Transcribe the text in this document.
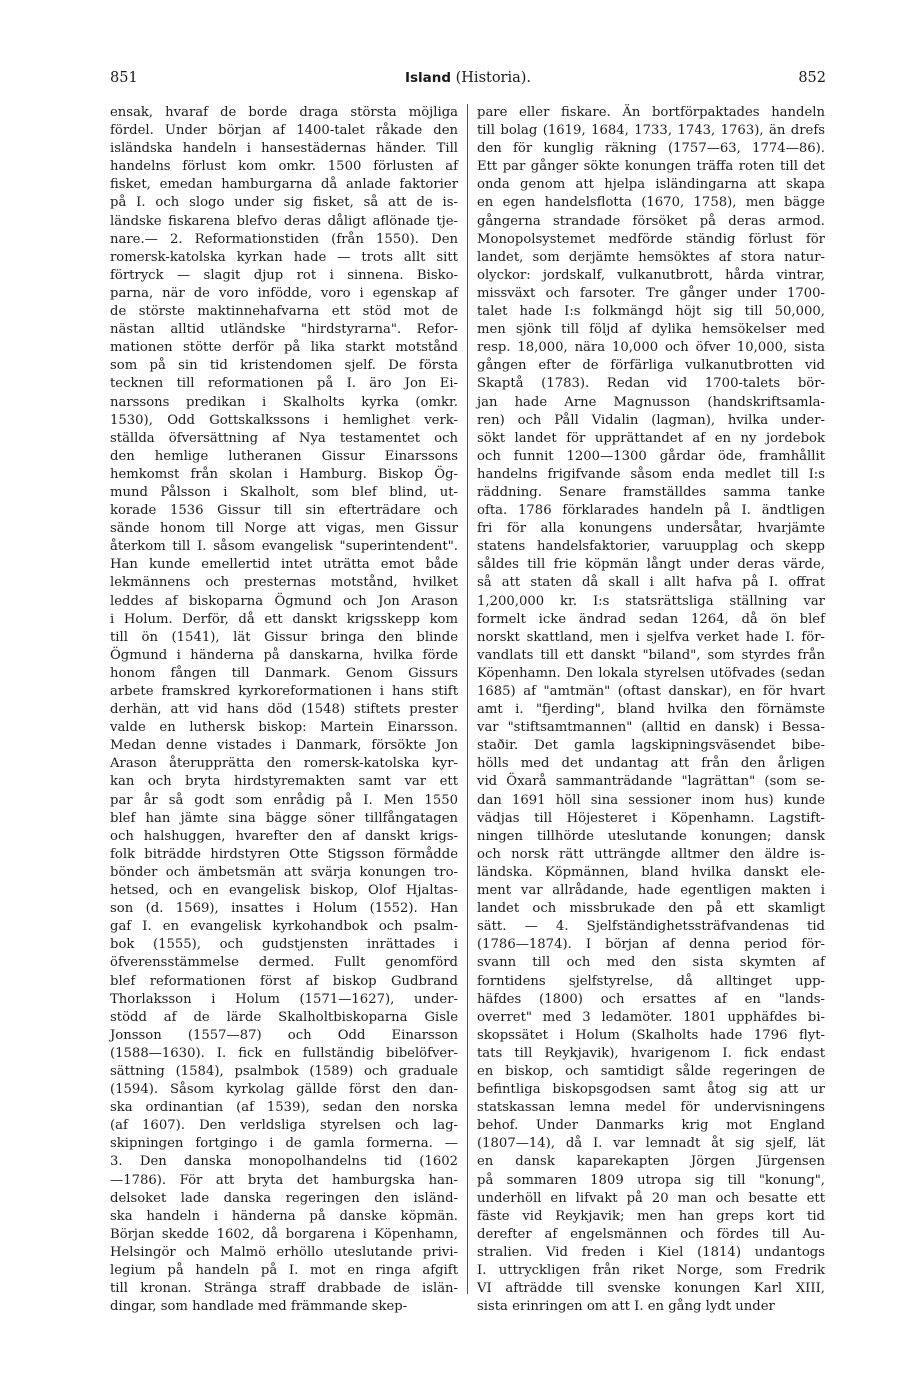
851	Island (Historia).	852
ensak, hvaraf de borde draga största möjliga
fördel. Under början af 1400-talet råkade den
isländska handeln i hansestädernas händer. Till
handelns förlust kom omkr. 1500 förlusten af
fisket, emedan hamburgarna då anlade faktorier
på I. och slogo under sig fisket, så att de is-
ländske fiskarena blefvo deras dåligt aflönade tje-
nare.— 2. Reformationstiden (från 1550). Den
romersk-katolska kyrkan hade — trots allt sitt
förtryck — slagit djup rot i sinnena. Bisko-
parna, när de voro infödde, voro i egenskap af
de störste maktinnehafvarna ett stöd mot de
nästan alltid utländske "hirdstyrarna". Refor-
mationen stötte derför på lika starkt motstånd
som på sin tid kristendomen sjelf. De första
tecknen till reformationen på I. äro Jon Ei-
narssons predikan i Skalholts kyrka (omkr.
1530), Odd Gottskalkssons i hemlighet verk-
ställda öfversättning af Nya testamentet och
den hemlige lutheranen Gissur Einarssons
hemkomst från skolan i Hamburg. Biskop Ög-
mund Pålsson i Skalholt, som blef blind, ut-
korade 1536 Gissur till sin efterträdare och
sände honom till Norge att vigas, men Gissur
återkom till I. såsom evangelisk "superintendent".
Han kunde emellertid intet uträtta emot både
lekmännens och presternas motstånd, hvilket
leddes af biskoparna Ögmund och Jon Arason
i Holum. Derför, då ett danskt krigsskepp kom
till ön (1541), lät Gissur bringa den blinde
Ögmund i händerna på danskarna, hvilka förde
honom fången till Danmark. Genom Gissurs
arbete framskred kyrkoreformationen i hans stift
derhän, att vid hans död (1548) stiftets prester
valde en luthersk biskop: Martein Einarsson.
Medan denne vistades i Danmark, försökte Jon
Arason återupprätta den romersk-katolska kyr-
kan och bryta hirdstyremakten samt var ett
par år så godt som enrådig på I. Men 1550
blef han jämte sina bägge söner tillfångatagen
och halshuggen, hvarefter den af danskt krigs-
folk biträdde hirdstyren Otte Stigsson förmådde
bönder och ämbetsmän att svärja konungen tro-
hetsed, och en evangelisk biskop, Olof Hjaltas-
son (d. 1569), insattes i Holum (1552). Han
gaf I. en evangelisk kyrkohandbok och psalm-
bok (1555), och gudstjensten inrättades i
öfverensstämmelse dermed. Fullt genomförd
blef reformationen först af biskop Gudbrand
Thorlaksson i Holum (1571—1627), under-
stödd af de lärde Skalholtbiskoparna Gisle
Jonsson (1557—87) och Odd Einarsson
(1588—1630). I. fick en fullständig bibelöfver-
sättning (1584), psalmbok (1589) och graduale
(1594). Såsom kyrkolag gällde först den dan-
ska ordinantian (af 1539), sedan den norska
(af 1607). Den verldsliga styrelsen och lag-
skipningen fortgingo i de gamla formerna. —
3. Den danska monopolhandelns tid (1602
—1786). För att bryta det hamburgska han-
delsoket lade danska regeringen den isländ-
ska handeln i händerna på danske köpmän.
Början skedde 1602, då borgarena i Köpenhamn,
Helsingör och Malmö erhöllo uteslutande privi-
legium på handeln på I. mot en ringa afgift
till kronan. Stränga straff drabbade de islän-
dingar, som handlade med främmande skep-
pare eller fiskare. Än bortförpaktades handeln
till bolag (1619, 1684, 1733, 1743, 1763), än drefs
den för kunglig räkning (1757—63, 1774—86).
Ett par gånger sökte konungen träffa roten till det
onda genom att hjelpa isländingarna att skapa
en egen handelsflotta (1670, 1758), men bägge
gångerna strandade försöket på deras armod.
Monopolsystemet medförde ständig förlust för
landet, som derjämte hemsöktes af stora natur-
olyckor: jordskalf, vulkanutbrott, hårda vintrar,
missväxt och farsoter. Tre gånger under 1700-
talet hade I:s folkmängd höjt sig till 50,000,
men sjönk till följd af dylika hemsökelser med
resp. 18,000, nära 10,000 och öfver 10,000, sista
gången efter de förfärliga vulkanutbrotten vid
Skaptå (1783). Redan vid 1700-talets bör-
jan hade Arne Magnusson (handskriftsamla-
ren) och Påll Vidalin (lagman), hvilka under-
sökt landet för upprättandet af en ny jordebok
och funnit 1200—1300 gårdar öde, framhållit
handelns frigifvande såsom enda medlet till I:s
räddning. Senare framställdes samma tanke
ofta. 1786 förklarades handeln på I. ändtligen
fri för alla konungens undersåtar, hvarjämte
statens handelsfaktorier, varuupplag och skepp
såldes till frie köpmän långt under deras värde,
så att staten då skall i allt hafva på I. offrat
1,200,000 kr. I:s statsrättsliga ställning var
formelt icke ändrad sedan 1264, då ön blef
norskt skattland, men i sjelfva verket hade I. för-
vandlats till ett danskt "biland", som styrdes från
Köpenhamn. Den lokala styrelsen utöfvades (sedan
1685) af "amtmän" (oftast danskar), en för hvart
amt i. "fjerding", bland hvilka den förnämste
var "stiftsamtmannen" (alltid en dansk) i Bessa-
staðir. Det gamla lagskipningsväsendet bibe-
hölls med det undantag att från den årligen
vid Öxarå sammanträdande "lagrättan" (som se-
dan 1691 höll sina sessioner inom hus) kunde
vädjas till Höjesteret i Köpenhamn. Lagstift-
ningen tillhörde uteslutande konungen; dansk
och norsk rätt utträngde alltmer den äldre is-
ländska. Köpmännen, bland hvilka danskt ele-
ment var allrådande, hade egentligen makten i
landet och missbrukade den på ett skamligt
sätt. — 4. Sjelfständighetssträfvandenas tid
(1786—1874). I början af denna period för-
svann till och med den sista skymten af
forntidens sjelfstyrelse, då alltinget upp-
häfdes (1800) och ersattes af en "lands-
overret" med 3 ledamöter. 1801 upphäfdes bi-
skopssätet i Holum (Skalholts hade 1796 flyt-
tats till Reykjavik), hvarigenom I. fick endast
en biskop, och samtidigt sålde regeringen de
befintliga biskopsgodsen samt åtog sig att ur
statskassan lemna medel för undervisningens
behof. Under Danmarks krig mot England
(1807—14), då I. var lemnadt åt sig sjelf, lät
en dansk kaparekapten Jörgen Jürgensen
på sommaren 1809 utropa sig till "konung",
underhöll en lifvakt på 20 man och besatte ett
fäste vid Reykjavik; men han greps kort tid
derefter af engelsmännen och fördes till Au-
stralien. Vid freden i Kiel (1814) undantogs
I. uttryckligen från riket Norge, som Fredrik
VI afträdde till svenske konungen Karl XIII,
sista erinringen om att I. en gång lydt under
